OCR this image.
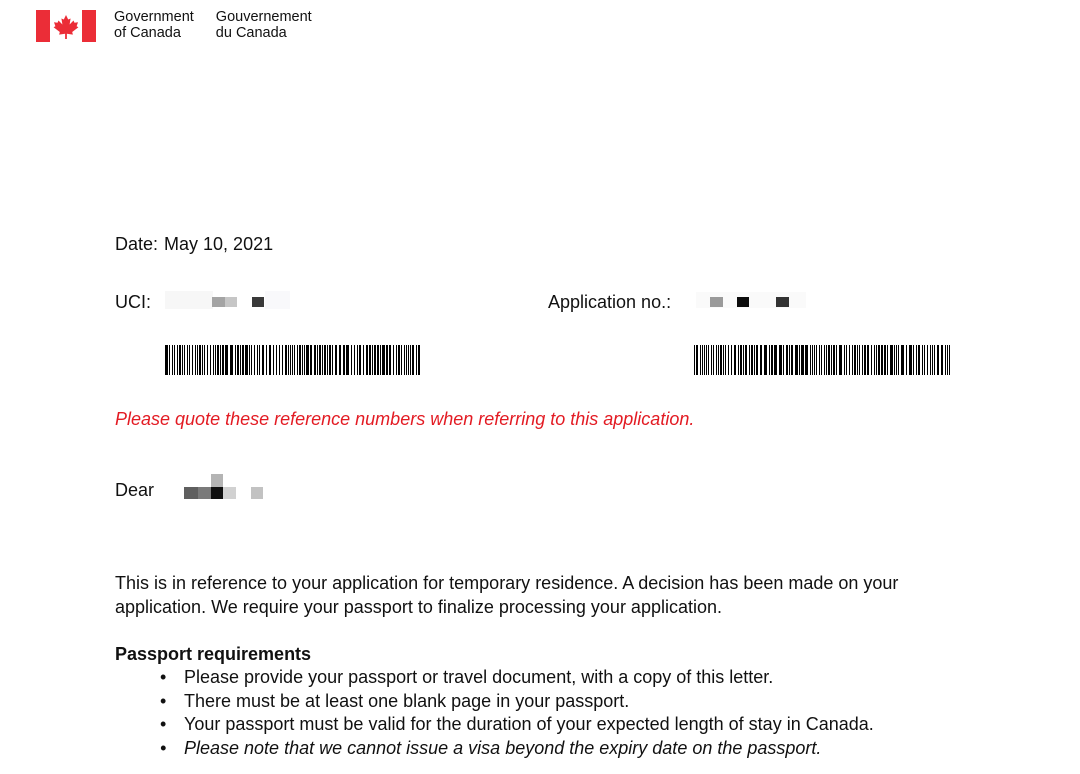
Government
of Canada
Gouvernement
du Canada
Date: May 10, 2021
UCI:	Application no.:
Please quote these reference numbers when referring to this application.
Dear
This is in reference to your application for temporary residence. A decision has been made on your application. We require your passport to finalize processing your application.
Passport requirements
• Please provide your passport or travel document, with a copy of this letter.
• There must be at least one blank page in your passport.
• Your passport must be valid for the duration of your expected length of stay in Canada.
• Please note that we cannot issue a visa beyond the expiry date on the passport.
